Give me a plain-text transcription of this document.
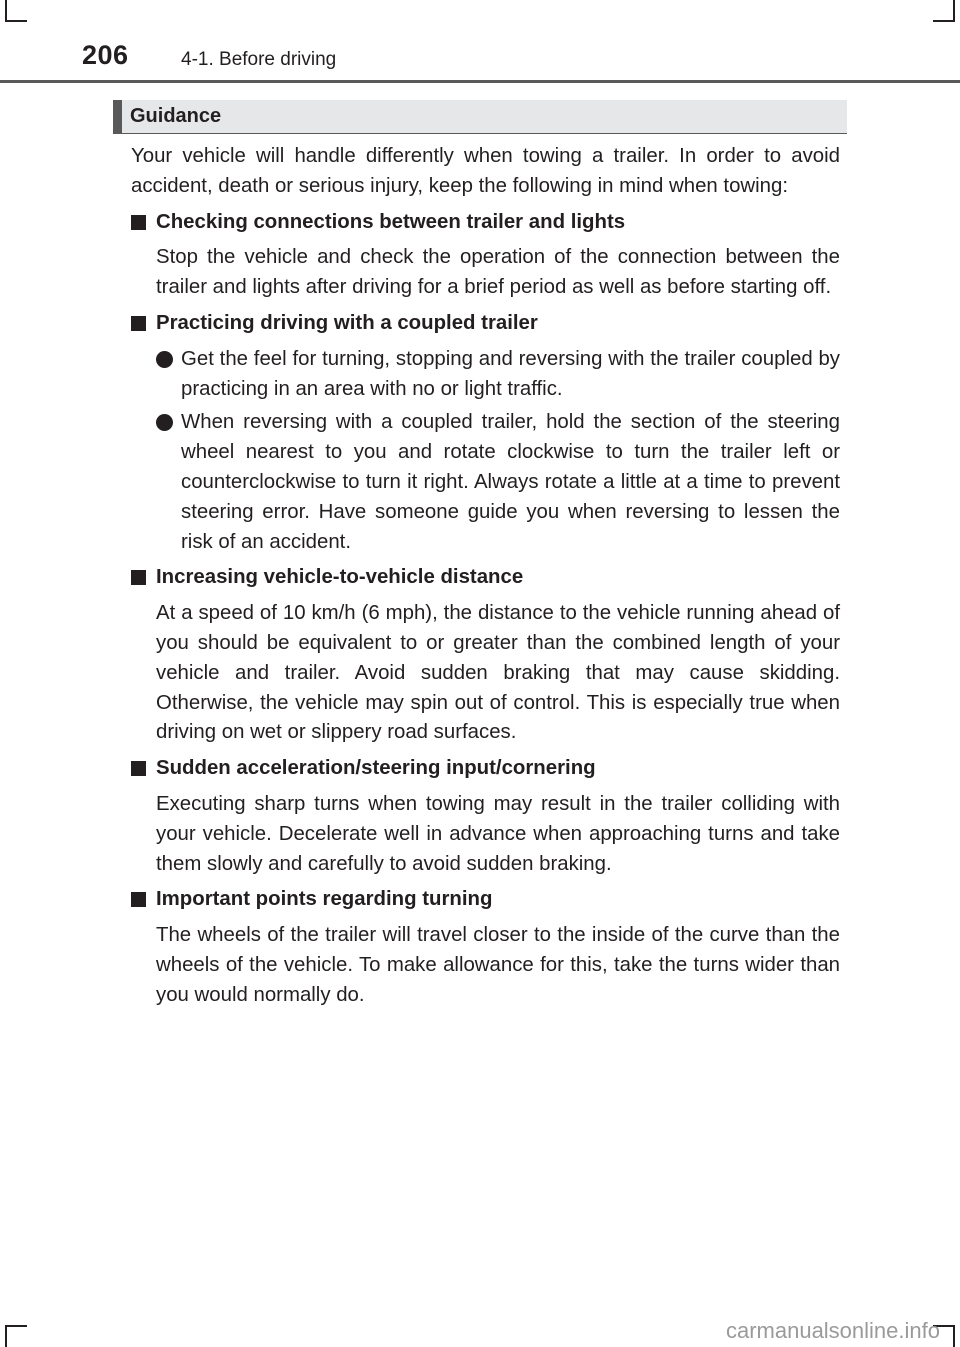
206	4-1. Before driving
Guidance

Your vehicle will handle differently when towing a trailer. In order to avoid accident, death or serious injury, keep the following in mind when towing:

Checking connections between trailer and lights

Stop the vehicle and check the operation of the connection between the trailer and lights after driving for a brief period as well as before starting off.

Practicing driving with a coupled trailer

Get the feel for turning, stopping and reversing with the trailer coupled by practicing in an area with no or light traffic.

When reversing with a coupled trailer, hold the section of the steering wheel nearest to you and rotate clockwise to turn the trailer left or counterclockwise to turn it right. Always rotate a little at a time to prevent steering error. Have someone guide you when reversing to lessen the risk of an accident.

Increasing vehicle-to-vehicle distance

At a speed of 10 km/h (6 mph), the distance to the vehicle running ahead of you should be equivalent to or greater than the combined length of your vehicle and trailer. Avoid sudden braking that may cause skidding. Otherwise, the vehicle may spin out of control. This is especially true when driving on wet or slippery road surfaces.

Sudden acceleration/steering input/cornering

Executing sharp turns when towing may result in the trailer colliding with your vehicle. Decelerate well in advance when approaching turns and take them slowly and carefully to avoid sudden braking.

Important points regarding turning

The wheels of the trailer will travel closer to the inside of the curve than the wheels of the vehicle. To make allowance for this, take the turns wider than you would normally do.

carmanualsonline.info
